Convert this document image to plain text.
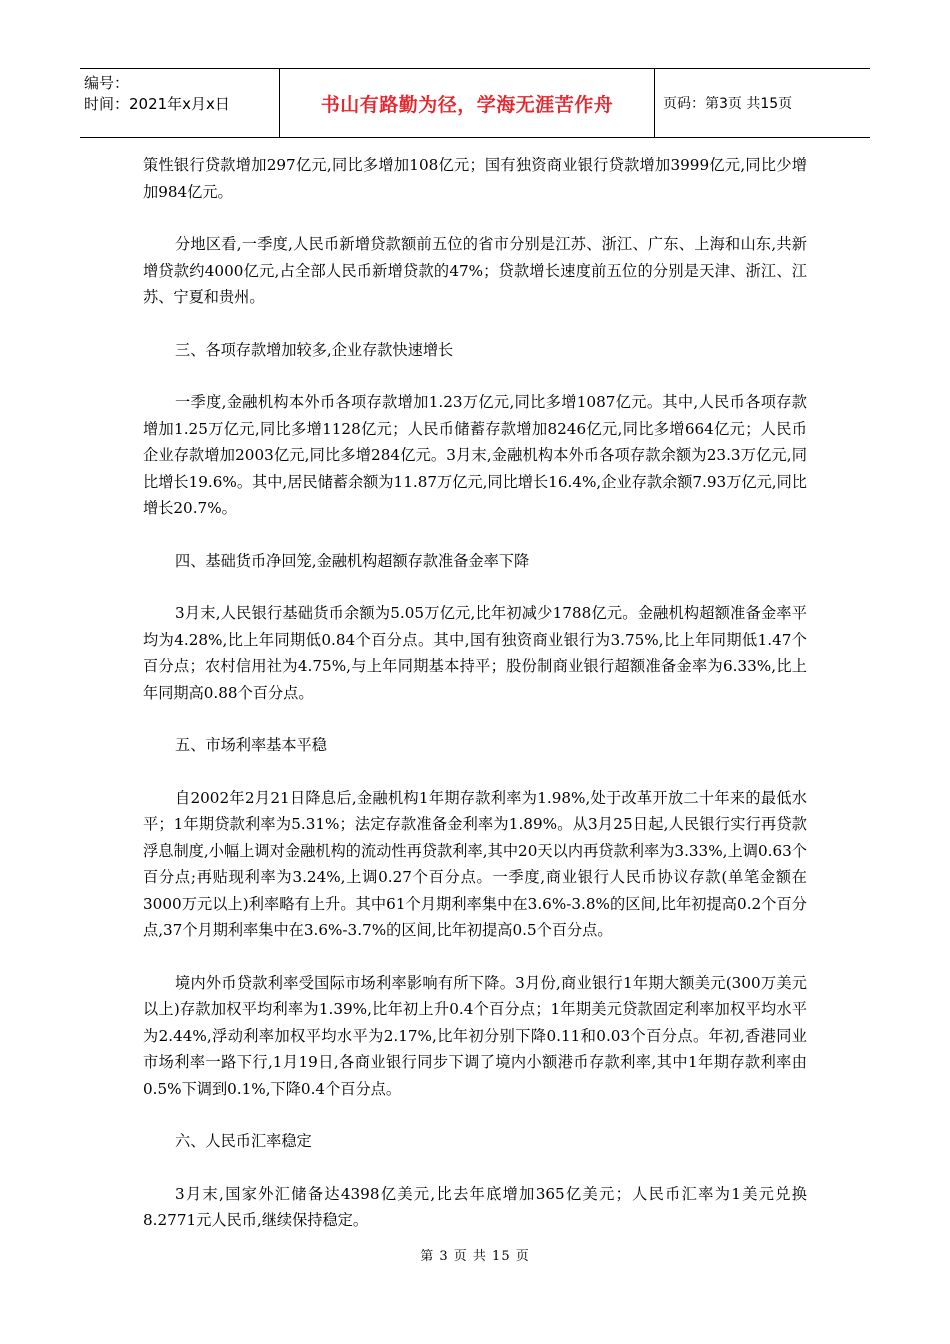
编号：
时间：2021年x月x日	书山有路勤为径，学海无涯苦作舟	页码：第3页 共15页

策性银行贷款增加297亿元,同比多增加108亿元；国有独资商业银行贷款增加3999亿元,同比少增加984亿元。

分地区看,一季度,人民币新增贷款额前五位的省市分别是江苏、浙江、广东、上海和山东,共新增贷款约4000亿元,占全部人民币新增贷款的47%；贷款增长速度前五位的分别是天津、浙江、江苏、宁夏和贵州。

三、各项存款增加较多,企业存款快速增长

一季度,金融机构本外币各项存款增加1.23万亿元,同比多增1087亿元。其中,人民币各项存款增加1.25万亿元,同比多增1128亿元；人民币储蓄存款增加8246亿元,同比多增664亿元；人民币企业存款增加2003亿元,同比多增284亿元。3月末,金融机构本外币各项存款余额为23.3万亿元,同比增长19.6%。其中,居民储蓄余额为11.87万亿元,同比增长16.4%,企业存款余额7.93万亿元,同比增长20.7%。

四、基础货币净回笼,金融机构超额存款准备金率下降

3月末,人民银行基础货币余额为5.05万亿元,比年初减少1788亿元。金融机构超额准备金率平均为4.28%,比上年同期低0.84个百分点。其中,国有独资商业银行为3.75%,比上年同期低1.47个百分点；农村信用社为4.75%,与上年同期基本持平；股份制商业银行超额准备金率为6.33%,比上年同期高0.88个百分点。

五、市场利率基本平稳

自2002年2月21日降息后,金融机构1年期存款利率为1.98%,处于改革开放二十年来的最低水平；1年期贷款利率为5.31%；法定存款准备金利率为1.89%。从3月25日起,人民银行实行再贷款浮息制度,小幅上调对金融机构的流动性再贷款利率,其中20天以内再贷款利率为3.33%,上调0.63个百分点;再贴现利率为3.24%,上调0.27个百分点。一季度,商业银行人民币协议存款(单笔金额在3000万元以上)利率略有上升。其中61个月期利率集中在3.6%-3.8%的区间,比年初提高0.2个百分点,37个月期利率集中在3.6%-3.7%的区间,比年初提高0.5个百分点。

境内外币贷款利率受国际市场利率影响有所下降。3月份,商业银行1年期大额美元(300万美元以上)存款加权平均利率为1.39%,比年初上升0.4个百分点；1年期美元贷款固定利率加权平均水平为2.44%,浮动利率加权平均水平为2.17%,比年初分别下降0.11和0.03个百分点。年初,香港同业市场利率一路下行,1月19日,各商业银行同步下调了境内小额港币存款利率,其中1年期存款利率由0.5%下调到0.1%,下降0.4个百分点。

六、人民币汇率稳定

3月末,国家外汇储备达4398亿美元,比去年底增加365亿美元；人民币汇率为1美元兑换8.2771元人民币,继续保持稳定。

第 3 页 共 15 页
